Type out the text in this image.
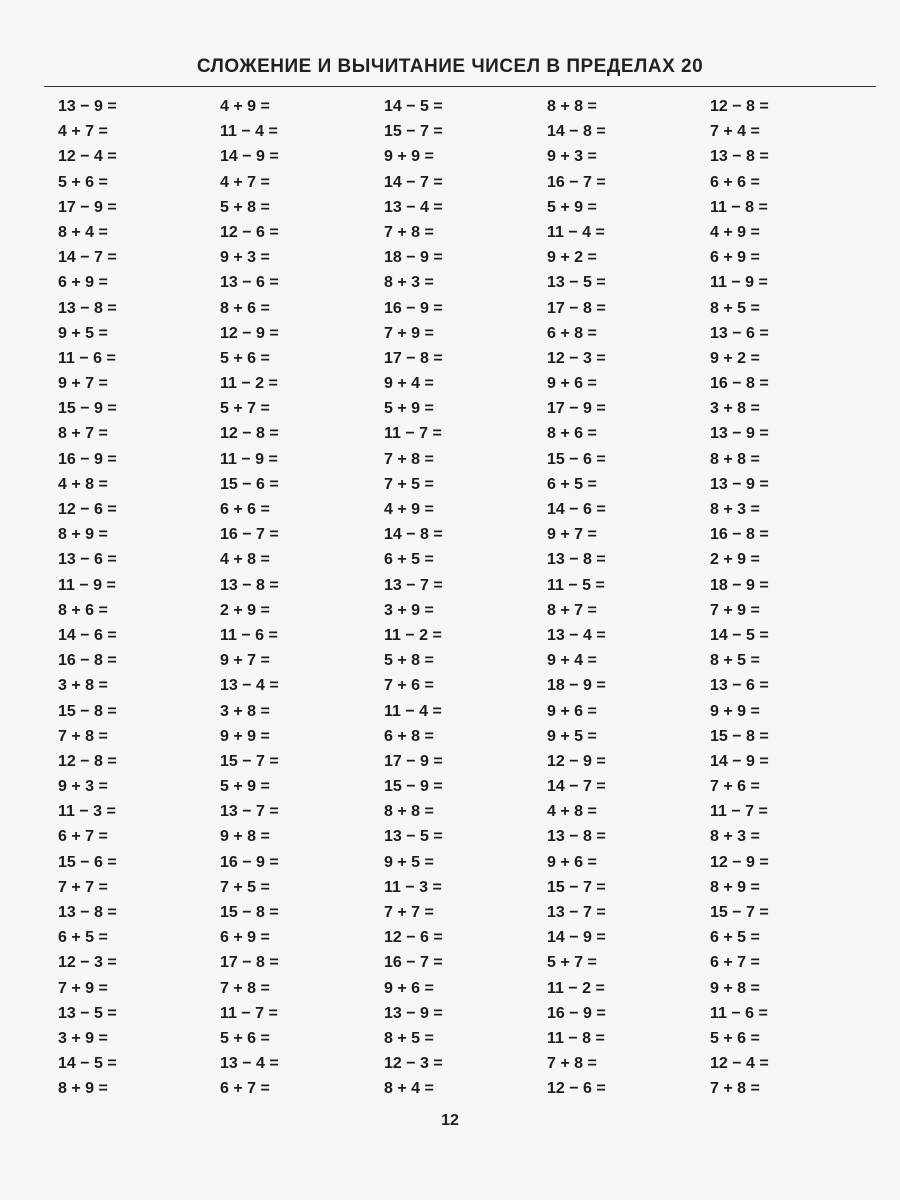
СЛОЖЕНИЕ И ВЫЧИТАНИЕ ЧИСЕЛ В ПРЕДЕЛАХ 20
13 − 9 =
4 + 7 =
12 − 4 =
5 + 6 =
17 − 9 =
8 + 4 =
14 − 7 =
6 + 9 =
13 − 8 =
9 + 5 =
11 − 6 =
9 + 7 =
15 − 9 =
8 + 7 =
16 − 9 =
4 + 8 =
12 − 6 =
8 + 9 =
13 − 6 =
11 − 9 =
8 + 6 =
14 − 6 =
16 − 8 =
3 + 8 =
15 − 8 =
7 + 8 =
12 − 8 =
9 + 3 =
11 − 3 =
6 + 7 =
15 − 6 =
7 + 7 =
13 − 8 =
6 + 5 =
12 − 3 =
7 + 9 =
13 − 5 =
3 + 9 =
14 − 5 =
8 + 9 =
4 + 9 =
11 − 4 =
14 − 9 =
4 + 7 =
5 + 8 =
12 − 6 =
9 + 3 =
13 − 6 =
8 + 6 =
12 − 9 =
5 + 6 =
11 − 2 =
5 + 7 =
12 − 8 =
11 − 9 =
15 − 6 =
6 + 6 =
16 − 7 =
4 + 8 =
13 − 8 =
2 + 9 =
11 − 6 =
9 + 7 =
13 − 4 =
3 + 8 =
9 + 9 =
15 − 7 =
5 + 9 =
13 − 7 =
9 + 8 =
16 − 9 =
7 + 5 =
15 − 8 =
6 + 9 =
17 − 8 =
7 + 8 =
11 − 7 =
5 + 6 =
13 − 4 =
6 + 7 =
14 − 5 =
15 − 7 =
9 + 9 =
14 − 7 =
13 − 4 =
7 + 8 =
18 − 9 =
8 + 3 =
16 − 9 =
7 + 9 =
17 − 8 =
9 + 4 =
5 + 9 =
11 − 7 =
7 + 8 =
7 + 5 =
4 + 9 =
14 − 8 =
6 + 5 =
13 − 7 =
3 + 9 =
11 − 2 =
5 + 8 =
7 + 6 =
11 − 4 =
6 + 8 =
17 − 9 =
15 − 9 =
8 + 8 =
13 − 5 =
9 + 5 =
11 − 3 =
7 + 7 =
12 − 6 =
16 − 7 =
9 + 6 =
13 − 9 =
8 + 5 =
12 − 3 =
8 + 4 =
8 + 8 =
14 − 8 =
9 + 3 =
16 − 7 =
5 + 9 =
11 − 4 =
9 + 2 =
13 − 5 =
17 − 8 =
6 + 8 =
12 − 3 =
9 + 6 =
17 − 9 =
8 + 6 =
15 − 6 =
6 + 5 =
14 − 6 =
9 + 7 =
13 − 8 =
11 − 5 =
8 + 7 =
13 − 4 =
9 + 4 =
18 − 9 =
9 + 6 =
9 + 5 =
12 − 9 =
14 − 7 =
4 + 8 =
13 − 8 =
9 + 6 =
15 − 7 =
13 − 7 =
14 − 9 =
5 + 7 =
11 − 2 =
16 − 9 =
11 − 8 =
7 + 8 =
12 − 6 =
12 − 8 =
7 + 4 =
13 − 8 =
6 + 6 =
11 − 8 =
4 + 9 =
6 + 9 =
11 − 9 =
8 + 5 =
13 − 6 =
9 + 2 =
16 − 8 =
3 + 8 =
13 − 9 =
8 + 8 =
13 − 9 =
8 + 3 =
16 − 8 =
2 + 9 =
18 − 9 =
7 + 9 =
14 − 5 =
8 + 5 =
13 − 6 =
9 + 9 =
15 − 8 =
14 − 9 =
7 + 6 =
11 − 7 =
8 + 3 =
12 − 9 =
8 + 9 =
15 − 7 =
6 + 5 =
6 + 7 =
9 + 8 =
11 − 6 =
5 + 6 =
12 − 4 =
7 + 8 =
12
